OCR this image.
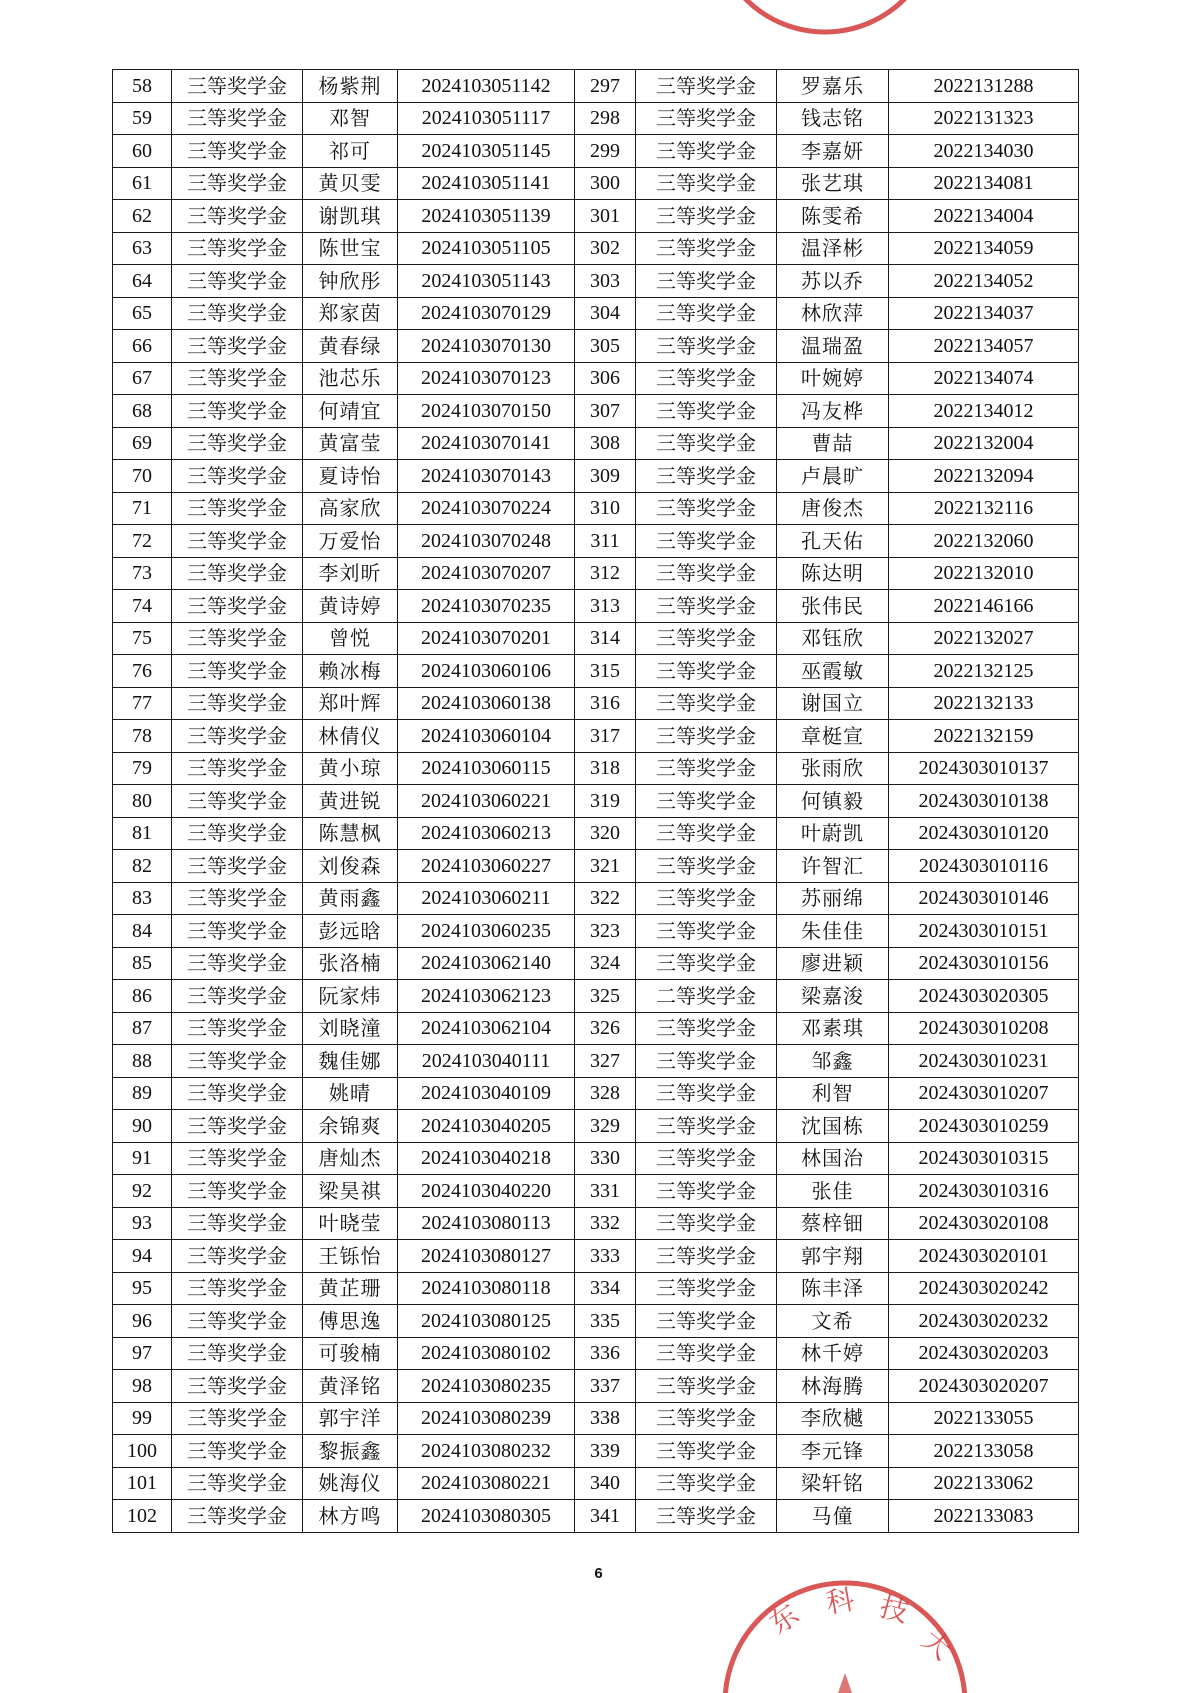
58	三等奖学金	杨紫荆	2024103051142	297	三等奖学金	罗嘉乐	2022131288
59	三等奖学金	邓智	2024103051117	298	三等奖学金	钱志铭	2022131323
60	三等奖学金	祁可	2024103051145	299	三等奖学金	李嘉妍	2022134030
61	三等奖学金	黄贝雯	2024103051141	300	三等奖学金	张艺琪	2022134081
62	三等奖学金	谢凯琪	2024103051139	301	三等奖学金	陈雯希	2022134004
63	三等奖学金	陈世宝	2024103051105	302	三等奖学金	温泽彬	2022134059
64	三等奖学金	钟欣彤	2024103051143	303	三等奖学金	苏以乔	2022134052
65	三等奖学金	郑家茵	2024103070129	304	三等奖学金	林欣萍	2022134037
66	三等奖学金	黄春绿	2024103070130	305	三等奖学金	温瑞盈	2022134057
67	三等奖学金	池芯乐	2024103070123	306	三等奖学金	叶婉婷	2022134074
68	三等奖学金	何靖宜	2024103070150	307	三等奖学金	冯友桦	2022134012
69	三等奖学金	黄富莹	2024103070141	308	三等奖学金	曹喆	2022132004
70	三等奖学金	夏诗怡	2024103070143	309	三等奖学金	卢晨旷	2022132094
71	三等奖学金	高家欣	2024103070224	310	三等奖学金	唐俊杰	2022132116
72	三等奖学金	万爱怡	2024103070248	311	三等奖学金	孔天佑	2022132060
73	三等奖学金	李刘昕	2024103070207	312	三等奖学金	陈达明	2022132010
74	三等奖学金	黄诗婷	2024103070235	313	三等奖学金	张伟民	2022146166
75	三等奖学金	曾悦	2024103070201	314	三等奖学金	邓钰欣	2022132027
76	三等奖学金	赖冰梅	2024103060106	315	三等奖学金	巫霞敏	2022132125
77	三等奖学金	郑叶辉	2024103060138	316	三等奖学金	谢国立	2022132133
78	三等奖学金	林倩仪	2024103060104	317	三等奖学金	章梃宣	2022132159
79	三等奖学金	黄小琼	2024103060115	318	三等奖学金	张雨欣	2024303010137
80	三等奖学金	黄进锐	2024103060221	319	三等奖学金	何镇毅	2024303010138
81	三等奖学金	陈慧枫	2024103060213	320	三等奖学金	叶蔚凯	2024303010120
82	三等奖学金	刘俊森	2024103060227	321	三等奖学金	许智汇	2024303010116
83	三等奖学金	黄雨鑫	2024103060211	322	三等奖学金	苏丽绵	2024303010146
84	三等奖学金	彭远晗	2024103060235	323	三等奖学金	朱佳佳	2024303010151
85	三等奖学金	张洛楠	2024103062140	324	三等奖学金	廖进颖	2024303010156
86	三等奖学金	阮家炜	2024103062123	325	二等奖学金	梁嘉浚	2024303020305
87	三等奖学金	刘晓潼	2024103062104	326	三等奖学金	邓素琪	2024303010208
88	三等奖学金	魏佳娜	2024103040111	327	三等奖学金	邹鑫	2024303010231
89	三等奖学金	姚晴	2024103040109	328	三等奖学金	利智	2024303010207
90	三等奖学金	余锦爽	2024103040205	329	三等奖学金	沈国栋	2024303010259
91	三等奖学金	唐灿杰	2024103040218	330	三等奖学金	林国治	2024303010315
92	三等奖学金	梁昊祺	2024103040220	331	三等奖学金	张佳	2024303010316
93	三等奖学金	叶晓莹	2024103080113	332	三等奖学金	蔡梓钿	2024303020108
94	三等奖学金	王铄怡	2024103080127	333	三等奖学金	郭宇翔	2024303020101
95	三等奖学金	黄芷珊	2024103080118	334	三等奖学金	陈丰泽	2024303020242
96	三等奖学金	傅思逸	2024103080125	335	三等奖学金	文希	2024303020232
97	三等奖学金	可骏楠	2024103080102	336	三等奖学金	林千婷	2024303020203
98	三等奖学金	黄泽铭	2024103080235	337	三等奖学金	林海腾	2024303020207
99	三等奖学金	郭宇洋	2024103080239	338	三等奖学金	李欣樾	2022133055
100	三等奖学金	黎振鑫	2024103080232	339	三等奖学金	李元锋	2022133058
101	三等奖学金	姚海仪	2024103080221	340	三等奖学金	梁轩铭	2022133062
102	三等奖学金	林方鸣	2024103080305	341	三等奖学金	马僮	2022133083
6
东 科 技
大
